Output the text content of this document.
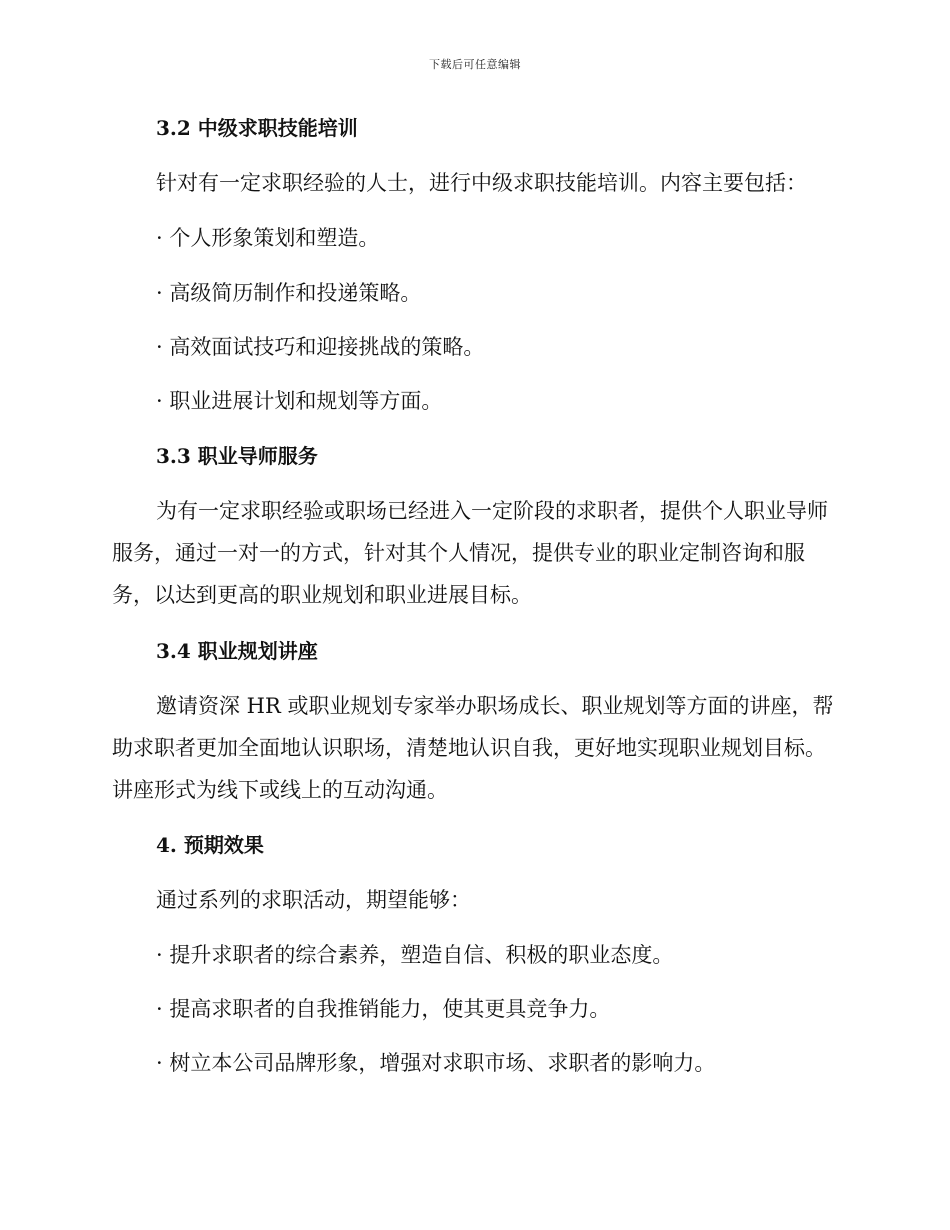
下载后可任意编辑
3.2 中级求职技能培训
针对有一定求职经验的人士，进行中级求职技能培训。内容主要包括：
· 个人形象策划和塑造。
· 高级简历制作和投递策略。
· 高效面试技巧和迎接挑战的策略。
· 职业进展计划和规划等方面。
3.3 职业导师服务
为有一定求职经验或职场已经进入一定阶段的求职者，提供个人职业导师服务，通过一对一的方式，针对其个人情况，提供专业的职业定制咨询和服务，以达到更高的职业规划和职业进展目标。
3.4 职业规划讲座
邀请资深 HR 或职业规划专家举办职场成长、职业规划等方面的讲座，帮助求职者更加全面地认识职场，清楚地认识自我，更好地实现职业规划目标。讲座形式为线下或线上的互动沟通。
4. 预期效果
通过系列的求职活动，期望能够：
· 提升求职者的综合素养，塑造自信、积极的职业态度。
· 提高求职者的自我推销能力，使其更具竞争力。
· 树立本公司品牌形象，增强对求职市场、求职者的影响力。
